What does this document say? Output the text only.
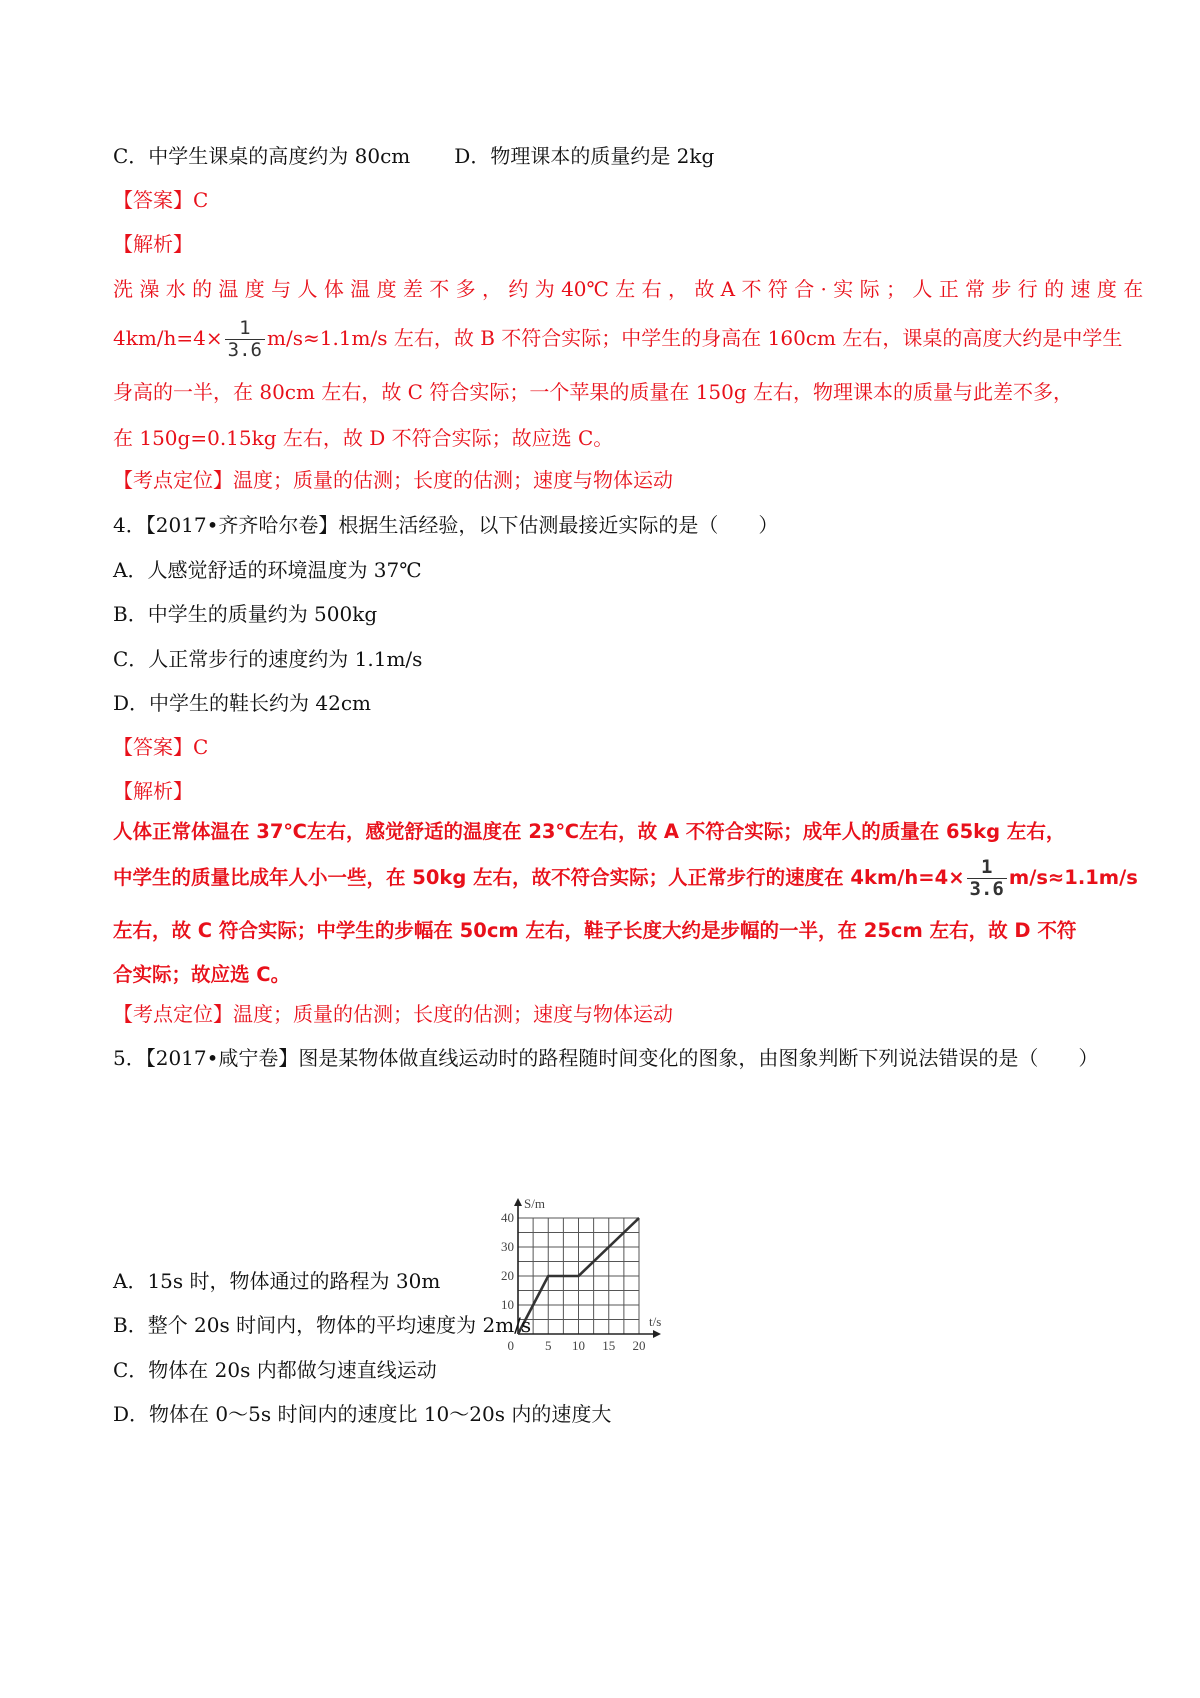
C．中学生课桌的高度约为 80cm D．物理课本的质量约是 2kg

【答案】C

【解析】

洗 澡 水 的 温 度 与 人 体 温 度 差 不 多 ， 约 为 40℃ 左 右 ， 故 A 不 符 合 · 实 际 ； 人 正 常 步 行 的 速 度 在

$4km/h=4\times \frac{1}{3.6} m/s\approx 1.1m/s$ 左右，故 B 不符合实际；中学生的身高在 160cm 左右，课桌的高度大约是中学生

身高的一半，在 80cm 左右，故 C 符合实际；一个苹果的质量在 150g 左右，物理课本的质量与此差不多，

在 150g=0.15kg 左右，故 D 不符合实际；故应选 C。

【考点定位】温度；质量的估测；长度的估测；速度与物体运动

4．【2017•齐齐哈尔卷】根据生活经验，以下估测最接近实际的是（　　）

A．人感觉舒适的环境温度为 37℃

B．中学生的质量约为 500kg

C．人正常步行的速度约为 1.1m/s

D．中学生的鞋长约为 42cm

【答案】C

【解析】

人体正常体温在 37℃左右，感觉舒适的温度在 23℃左右，故 A 不符合实际；成年人的质量在 65kg 左右，

中学生的质量比成年人小一些，在 50kg 左右，故不符合实际；人正常步行的速度在 $4km/h=4\times \frac{1}{3.6} m/s\approx 1.1m/s$

左右，故 C 符合实际；中学生的步幅在 50cm 左右，鞋子长度大约是步幅的一半，在 25cm 左右，故 D 不符

合实际；故应选 C。

【考点定位】温度；质量的估测；长度的估测；速度与物体运动

5．【2017•咸宁卷】图是某物体做直线运动时的路程随时间变化的图象，由图象判断下列说法错误的是（　　）

5 10 15 20
10
20
30
40
S/m
t/s
0

A．15s 时，物体通过的路程为 30m

B．整个 20s 时间内，物体的平均速度为 2m/s

C．物体在 20s 内都做匀速直线运动

D．物体在 0～5s 时间内的速度比 10～20s 内的速度大
